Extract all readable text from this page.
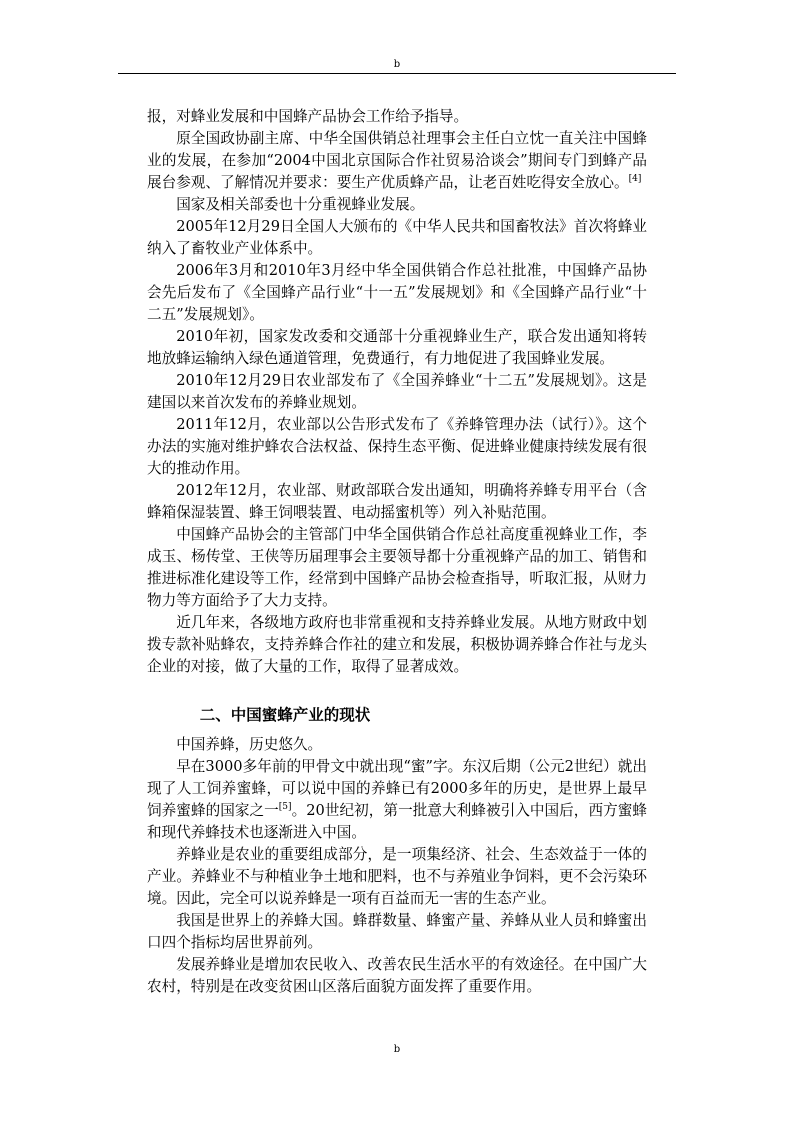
b

报，对蜂业发展和中国蜂产品协会工作给予指导。

原全国政协副主席、中华全国供销总社理事会主任白立忱一直关注中国蜂业的发展，在参加“2004中国北京国际合作社贸易洽谈会”期间专门到蜂产品展台参观、了解情况并要求：要生产优质蜂产品，让老百姓吃得安全放心。[4]

国家及相关部委也十分重视蜂业发展。

2005年12月29日全国人大颁布的《中华人民共和国畜牧法》首次将蜂业纳入了畜牧业产业体系中。

2006年3月和2010年3月经中华全国供销合作总社批准，中国蜂产品协会先后发布了《全国蜂产品行业“十一五”发展规划》和《全国蜂产品行业“十二五”发展规划》。

2010年初，国家发改委和交通部十分重视蜂业生产，联合发出通知将转地放蜂运输纳入绿色通道管理，免费通行，有力地促进了我国蜂业发展。

2010年12月29日农业部发布了《全国养蜂业“十二五”发展规划》。这是建国以来首次发布的养蜂业规划。

2011年12月，农业部以公告形式发布了《养蜂管理办法（试行）》。这个办法的实施对维护蜂农合法权益、保持生态平衡、促进蜂业健康持续发展有很大的推动作用。

2012年12月，农业部、财政部联合发出通知，明确将养蜂专用平台（含蜂箱保湿装置、蜂王饲喂装置、电动摇蜜机等）列入补贴范围。

中国蜂产品协会的主管部门中华全国供销合作总社高度重视蜂业工作，李成玉、杨传堂、王侠等历届理事会主要领导都十分重视蜂产品的加工、销售和推进标准化建设等工作，经常到中国蜂产品协会检查指导，听取汇报，从财力物力等方面给予了大力支持。

近几年来，各级地方政府也非常重视和支持养蜂业发展。从地方财政中划拨专款补贴蜂农，支持养蜂合作社的建立和发展，积极协调养蜂合作社与龙头企业的对接，做了大量的工作，取得了显著成效。

二、中国蜜蜂产业的现状

中国养蜂，历史悠久。

早在3000多年前的甲骨文中就出现“蜜”字。东汉后期（公元2世纪）就出现了人工饲养蜜蜂，可以说中国的养蜂已有2000多年的历史，是世界上最早饲养蜜蜂的国家之一[5]。20世纪初，第一批意大利蜂被引入中国后，西方蜜蜂和现代养蜂技术也逐渐进入中国。

养蜂业是农业的重要组成部分，是一项集经济、社会、生态效益于一体的产业。养蜂业不与种植业争土地和肥料，也不与养殖业争饲料，更不会污染环境。因此，完全可以说养蜂是一项有百益而无一害的生态产业。

我国是世界上的养蜂大国。蜂群数量、蜂蜜产量、养蜂从业人员和蜂蜜出口四个指标均居世界前列。

发展养蜂业是增加农民收入、改善农民生活水平的有效途径。在中国广大农村，特别是在改变贫困山区落后面貌方面发挥了重要作用。

b
